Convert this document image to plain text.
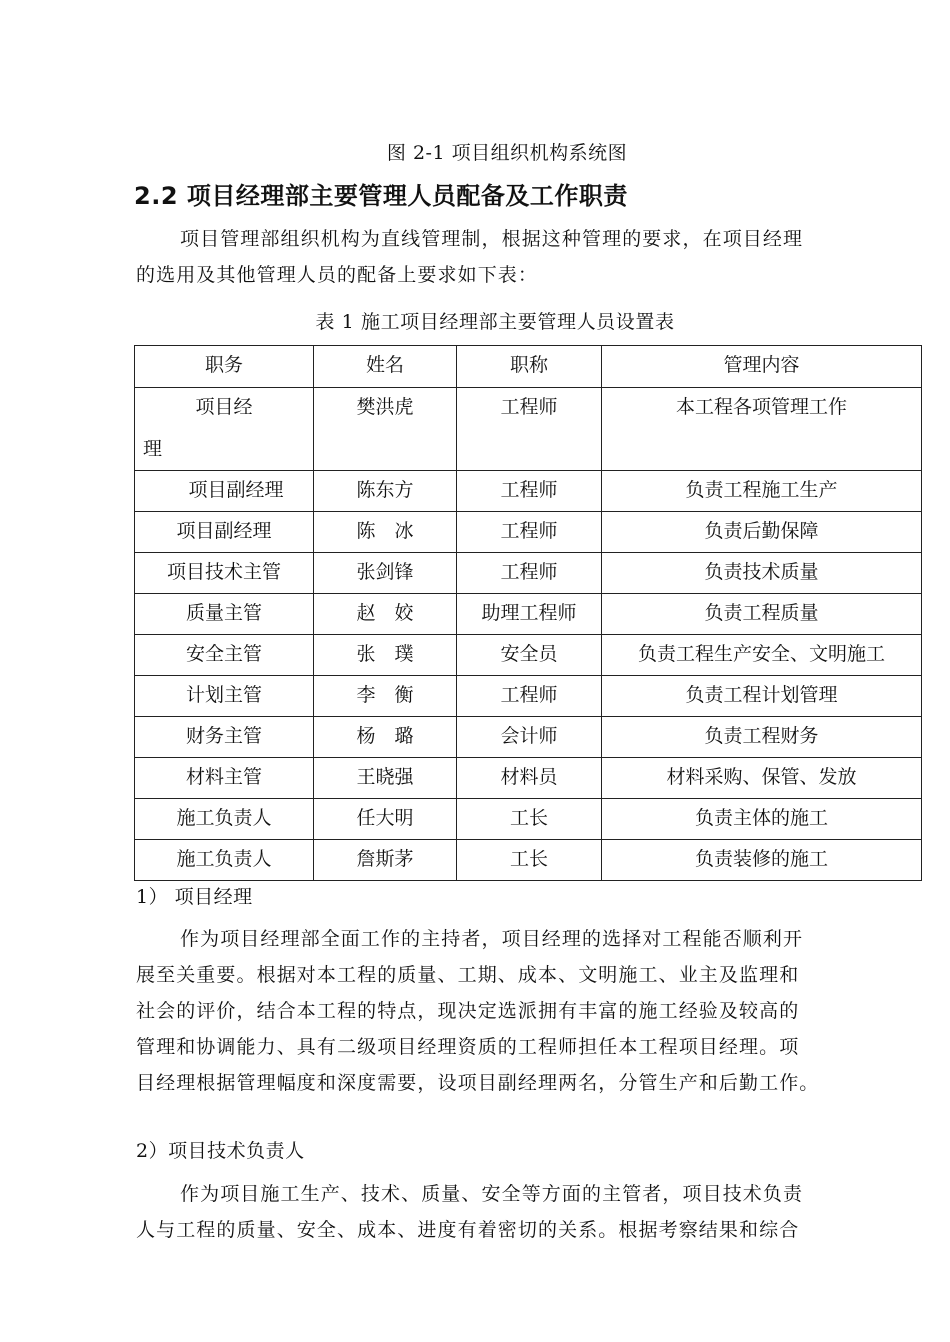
图 2-1 项目组织机构系统图
2.2 项目经理部主要管理人员配备及工作职责
项目管理部组织机构为直线管理制，根据这种管理的要求，在项目经理
的选用及其他管理人员的配备上要求如下表：
表 1 施工项目经理部主要管理人员设置表
职务	姓名	职称	管理内容

项目经
理	樊洪虎	工程师	本工程各项管理工作
项目副经理	陈东方	工程师	负责工程施工生产
项目副经理	陈　冰	工程师	负责后勤保障
项目技术主管	张剑锋	工程师	负责技术质量
质量主管	赵　姣	助理工程师	负责工程质量
安全主管	张　璞	安全员	负责工程生产安全、文明施工
计划主管	李　衡	工程师	负责工程计划管理
财务主管	杨　璐	会计师	负责工程财务
材料主管	王晓强	材料员	材料采购、保管、发放
施工负责人	任大明	工长	负责主体的施工
施工负责人	詹斯茅	工长	负责装修的施工
1） 项目经理
作为项目经理部全面工作的主持者，项目经理的选择对工程能否顺利开
展至关重要。根据对本工程的质量、工期、成本、文明施工、业主及监理和
社会的评价，结合本工程的特点，现决定选派拥有丰富的施工经验及较高的
管理和协调能力、具有二级项目经理资质的工程师担任本工程项目经理。项
目经理根据管理幅度和深度需要，设项目副经理两名，分管生产和后勤工作。
2）项目技术负责人
作为项目施工生产、技术、质量、安全等方面的主管者，项目技术负责
人与工程的质量、安全、成本、进度有着密切的关系。根据考察结果和综合
